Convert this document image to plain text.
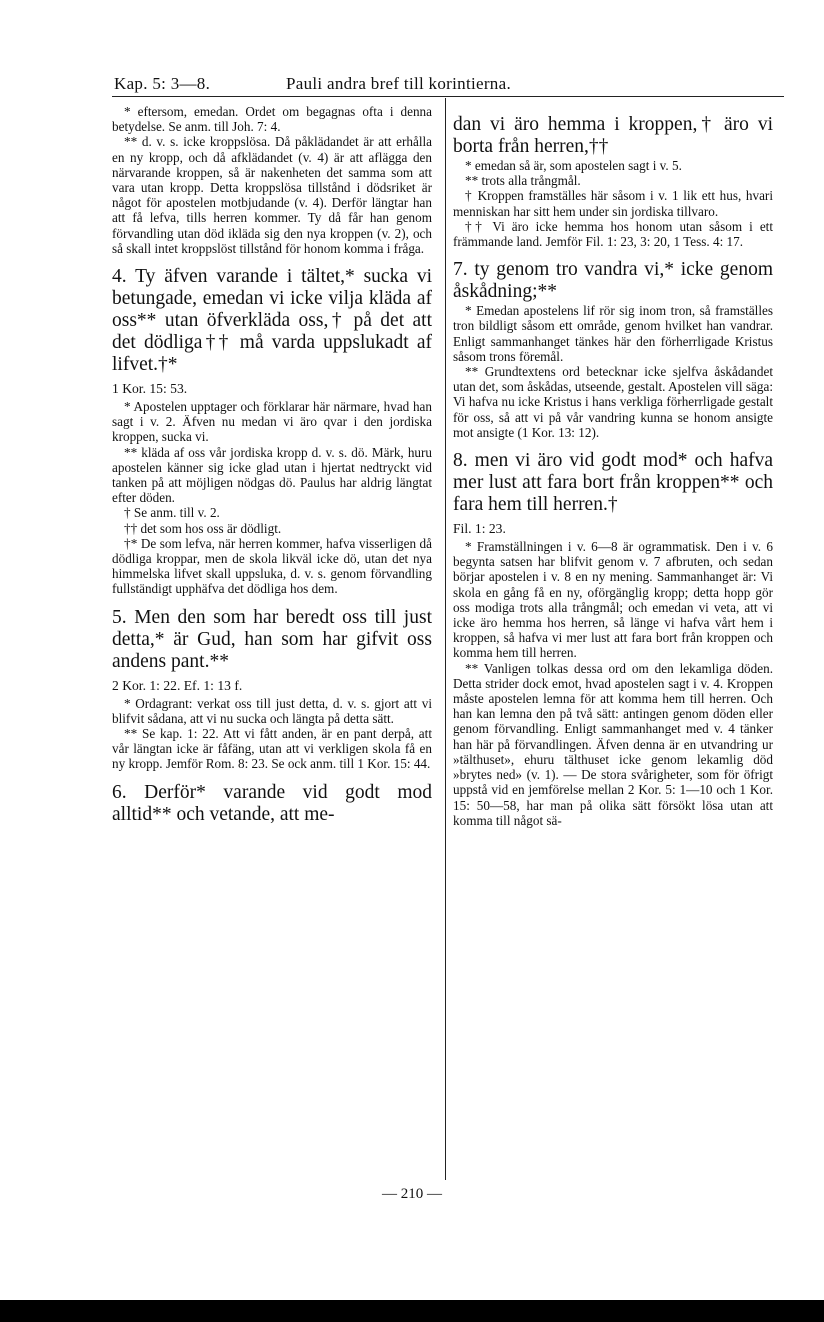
Kap. 5: 3—8.	Pauli andra bref till korintierna.

* eftersom, emedan. Ordet om begagnas ofta i denna betydelse. Se anm. till Joh. 7: 4.

** d. v. s. icke kroppslösa. Då påklädandet är att erhålla en ny kropp, och då afklädandet (v. 4) är att aflägga den närvarande kroppen, så är nakenheten det samma som att vara utan kropp. Detta kroppslösa tillstånd i dödsriket är något för apostelen motbjudande (v. 4). Derför längtar han att få lefva, tills herren kommer. Ty då får han genom förvandling utan död ikläda sig den nya kroppen (v. 2), och så skall intet kroppslöst tillstånd för honom komma i fråga.

4. Ty äfven varande i tältet,* sucka vi betungade, emedan vi icke vilja kläda af oss** utan öfverkläda oss,† på det att det dödliga†† må varda uppslukadt af lifvet.†*

1 Kor. 15: 53.

* Apostelen upptager och förklarar här närmare, hvad han sagt i v. 2. Äfven nu medan vi äro qvar i den jordiska kroppen, sucka vi.

** kläda af oss vår jordiska kropp d. v. s. dö. Märk, huru apostelen känner sig icke glad utan i hjertat nedtryckt vid tanken på att möjligen nödgas dö. Paulus har aldrig längtat efter döden.

† Se anm. till v. 2.

†† det som hos oss är dödligt.

†* De som lefva, när herren kommer, hafva visserligen då dödliga kroppar, men de skola likväl icke dö, utan det nya himmelska lifvet skall uppsluka, d. v. s. genom förvandling fullständigt upphäfva det dödliga hos dem.

5. Men den som har beredt oss till just detta,* är Gud, han som har gifvit oss andens pant.**

2 Kor. 1: 22. Ef. 1: 13 f.

* Ordagrant: verkat oss till just detta, d. v. s. gjort att vi blifvit sådana, att vi nu sucka och längta på detta sätt.

** Se kap. 1: 22. Att vi fått anden, är en pant derpå, att vår längtan icke är fåfäng, utan att vi verkligen skola få en ny kropp. Jemför Rom. 8: 23. Se ock anm. till 1 Kor. 15: 44.

6. Derför* varande vid godt mod alltid** och vetande, att me-

dan vi äro hemma i kroppen,† äro vi borta från herren,††

* emedan så är, som apostelen sagt i v. 5.

** trots alla trångmål.

† Kroppen framställes här såsom i v. 1 lik ett hus, hvari menniskan har sitt hem under sin jordiska tillvaro.

†† Vi äro icke hemma hos honom utan såsom i ett främmande land. Jemför Fil. 1: 23, 3: 20, 1 Tess. 4: 17.

7. ty genom tro vandra vi,* icke genom åskådning;**

* Emedan apostelens lif rör sig inom tron, så framställes tron bildligt såsom ett område, genom hvilket han vandrar. Enligt sammanhanget tänkes här den förherrligade Kristus såsom trons föremål.

** Grundtextens ord betecknar icke sjelfva åskådandet utan det, som åskådas, utseende, gestalt. Apostelen vill säga: Vi hafva nu icke Kristus i hans verkliga förherrligade gestalt för oss, så att vi på vår vandring kunna se honom ansigte mot ansigte (1 Kor. 13: 12).

8. men vi äro vid godt mod* och hafva mer lust att fara bort från kroppen** och fara hem till herren.†

Fil. 1: 23.

* Framställningen i v. 6—8 är ogrammatisk. Den i v. 6 begynta satsen har blifvit genom v. 7 afbruten, och sedan börjar apostelen i v. 8 en ny mening. Sammanhanget är: Vi skola en gång få en ny, oförgänglig kropp; detta hopp gör oss modiga trots alla trångmål; och emedan vi veta, att vi icke äro hemma hos herren, så länge vi hafva vårt hem i kroppen, så hafva vi mer lust att fara bort från kroppen och komma hem till herren.

** Vanligen tolkas dessa ord om den lekamliga döden. Detta strider dock emot, hvad apostelen sagt i v. 4. Kroppen måste apostelen lemna för att komma hem till herren. Och han kan lemna den på två sätt: antingen genom döden eller genom förvandling. Enligt sammanhanget med v. 4 tänker han här på förvandlingen. Äfven denna är en utvandring ur »tälthuset», ehuru tälthuset icke genom lekamlig död »brytes ned» (v. 1). — De stora svårigheter, som för öfrigt uppstå vid en jemförelse mellan 2 Kor. 5: 1—10 och 1 Kor. 15: 50—58, har man på olika sätt försökt lösa utan att komma till något sä-

— 210 —
